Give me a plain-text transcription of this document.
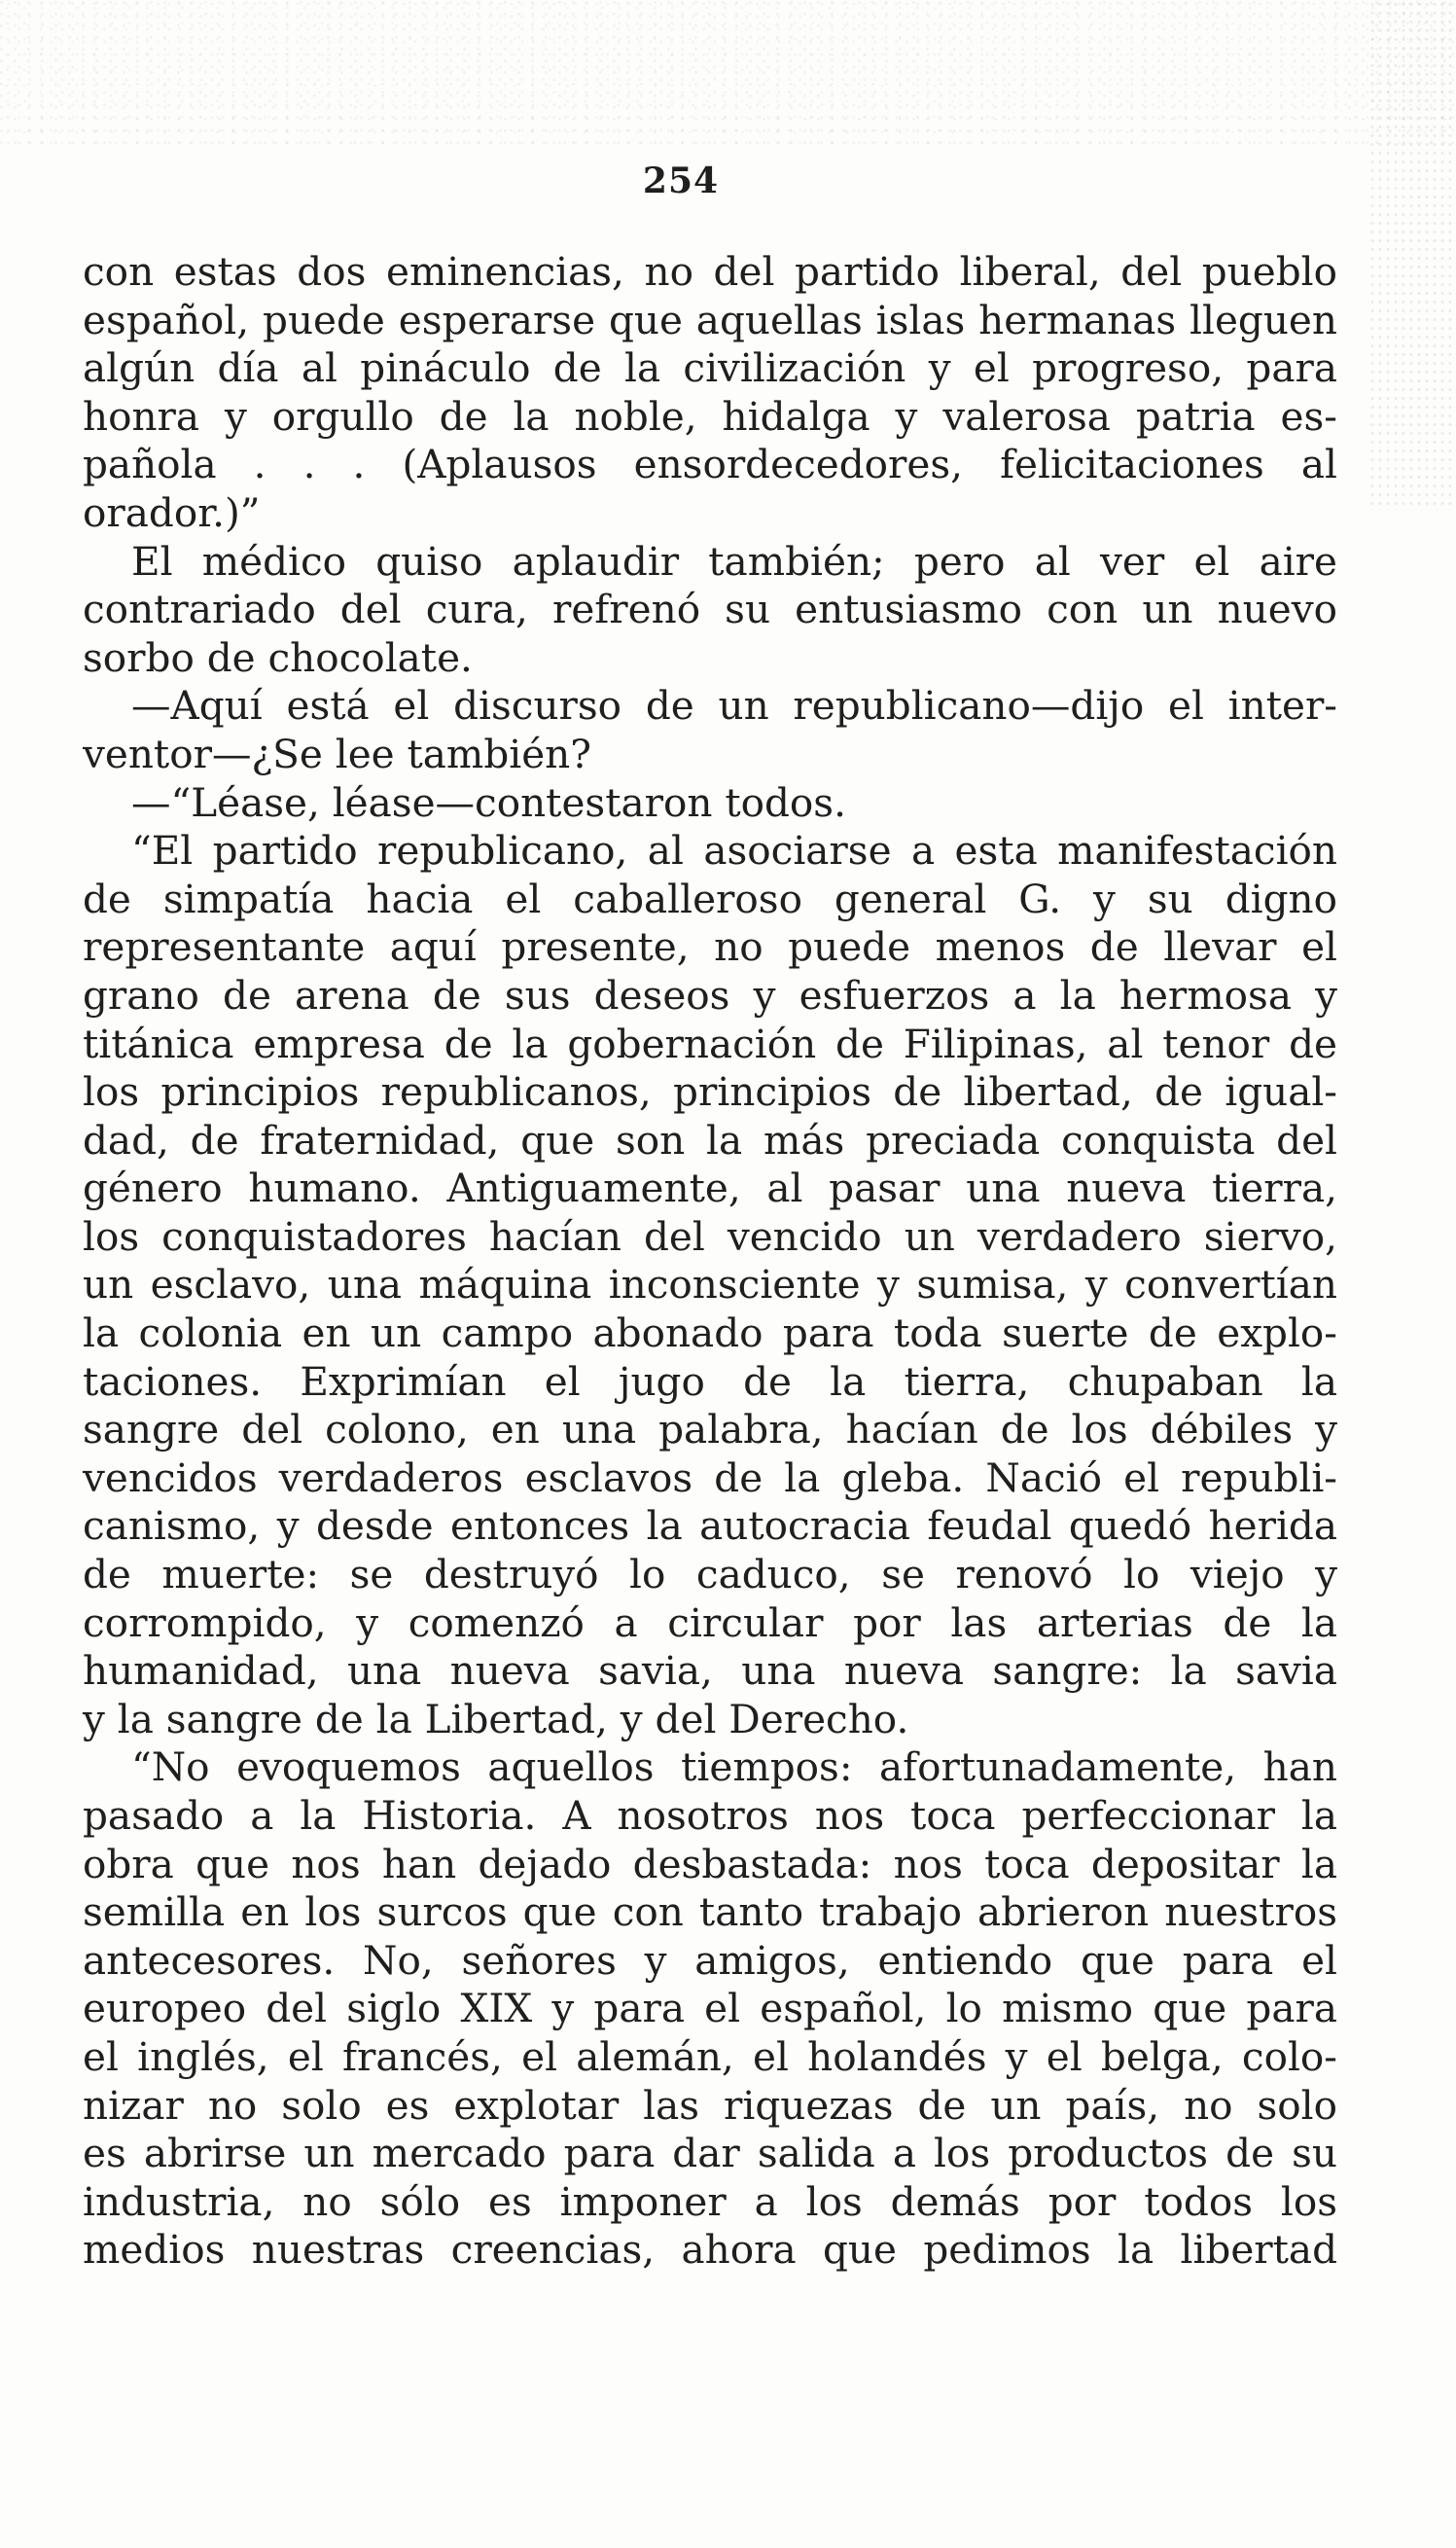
254
con estas dos eminencias, no del partido liberal, del pueblo
español, puede esperarse que aquellas islas hermanas lleguen
algún día al pináculo de la civilización y el progreso, para
honra y orgullo de la noble, hidalga y valerosa patria es-
pañola . . . (Aplausos ensordecedores, felicitaciones al
orador.)”
El médico quiso aplaudir también; pero al ver el aire
contrariado del cura, refrenó su entusiasmo con un nuevo
sorbo de chocolate.
—Aquí está el discurso de un republicano—dijo el inter-
ventor—¿Se lee también?
—“Léase, léase—contestaron todos.
“El partido republicano, al asociarse a esta manifestación
de simpatía hacia el caballeroso general G. y su digno
representante aquí presente, no puede menos de llevar el
grano de arena de sus deseos y esfuerzos a la hermosa y
titánica empresa de la gobernación de Filipinas, al tenor de
los principios republicanos, principios de libertad, de igual-
dad, de fraternidad, que son la más preciada conquista del
género humano. Antiguamente, al pasar una nueva tierra,
los conquistadores hacían del vencido un verdadero siervo,
un esclavo, una máquina inconsciente y sumisa, y convertían
la colonia en un campo abonado para toda suerte de explo-
taciones. Exprimían el jugo de la tierra, chupaban la
sangre del colono, en una palabra, hacían de los débiles y
vencidos verdaderos esclavos de la gleba. Nació el republi-
canismo, y desde entonces la autocracia feudal quedó herida
de muerte: se destruyó lo caduco, se renovó lo viejo y
corrompido, y comenzó a circular por las arterias de la
humanidad, una nueva savia, una nueva sangre: la savia
y la sangre de la Libertad, y del Derecho.
“No evoquemos aquellos tiempos: afortunadamente, han
pasado a la Historia. A nosotros nos toca perfeccionar la
obra que nos han dejado desbastada: nos toca depositar la
semilla en los surcos que con tanto trabajo abrieron nuestros
antecesores. No, señores y amigos, entiendo que para el
europeo del siglo XIX y para el español, lo mismo que para
el inglés, el francés, el alemán, el holandés y el belga, colo-
nizar no solo es explotar las riquezas de un país, no solo
es abrirse un mercado para dar salida a los productos de su
industria, no sólo es imponer a los demás por todos los
medios nuestras creencias, ahora que pedimos la libertad
